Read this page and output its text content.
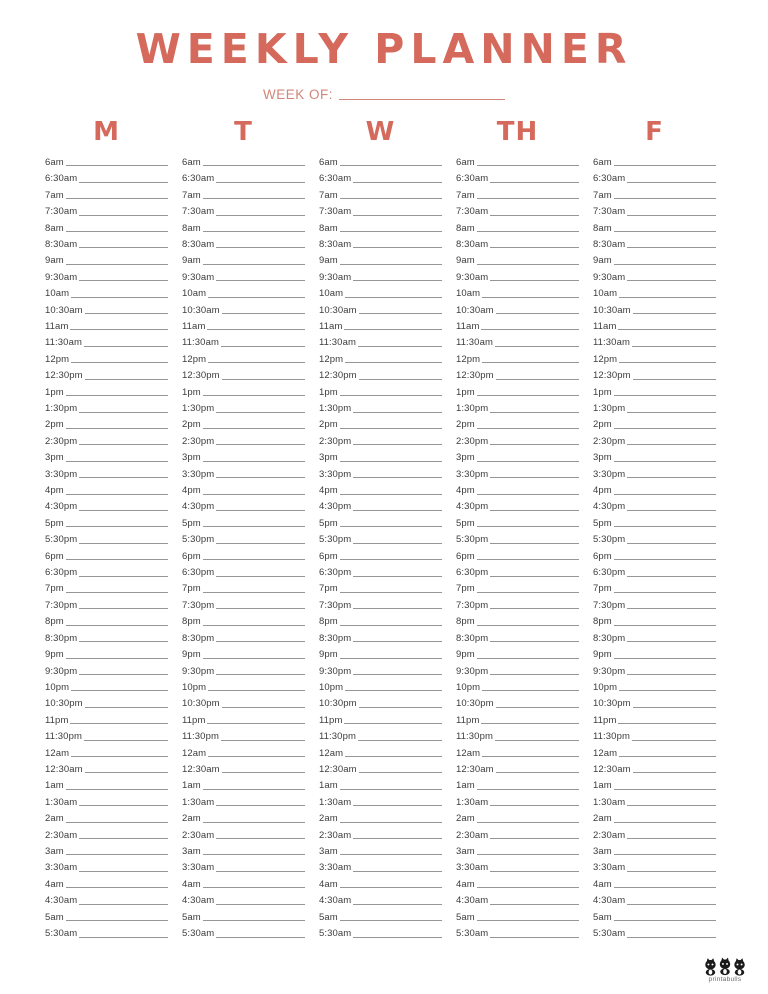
WEEKLY PLANNER
WEEK OF:
M
6am
6:30am
7am
7:30am
8am
8:30am
9am
9:30am
10am
10:30am
11am
11:30am
12pm
12:30pm
1pm
1:30pm
2pm
2:30pm
3pm
3:30pm
4pm
4:30pm
5pm
5:30pm
6pm
6:30pm
7pm
7:30pm
8pm
8:30pm
9pm
9:30pm
10pm
10:30pm
11pm
11:30pm
12am
12:30am
1am
1:30am
2am
2:30am
3am
3:30am
4am
4:30am
5am
5:30am
T
6am
6:30am
7am
7:30am
8am
8:30am
9am
9:30am
10am
10:30am
11am
11:30am
12pm
12:30pm
1pm
1:30pm
2pm
2:30pm
3pm
3:30pm
4pm
4:30pm
5pm
5:30pm
6pm
6:30pm
7pm
7:30pm
8pm
8:30pm
9pm
9:30pm
10pm
10:30pm
11pm
11:30pm
12am
12:30am
1am
1:30am
2am
2:30am
3am
3:30am
4am
4:30am
5am
5:30am
W
6am
6:30am
7am
7:30am
8am
8:30am
9am
9:30am
10am
10:30am
11am
11:30am
12pm
12:30pm
1pm
1:30pm
2pm
2:30pm
3pm
3:30pm
4pm
4:30pm
5pm
5:30pm
6pm
6:30pm
7pm
7:30pm
8pm
8:30pm
9pm
9:30pm
10pm
10:30pm
11pm
11:30pm
12am
12:30am
1am
1:30am
2am
2:30am
3am
3:30am
4am
4:30am
5am
5:30am
TH
6am
6:30am
7am
7:30am
8am
8:30am
9am
9:30am
10am
10:30am
11am
11:30am
12pm
12:30pm
1pm
1:30pm
2pm
2:30pm
3pm
3:30pm
4pm
4:30pm
5pm
5:30pm
6pm
6:30pm
7pm
7:30pm
8pm
8:30pm
9pm
9:30pm
10pm
10:30pm
11pm
11:30pm
12am
12:30am
1am
1:30am
2am
2:30am
3am
3:30am
4am
4:30am
5am
5:30am
F
6am
6:30am
7am
7:30am
8am
8:30am
9am
9:30am
10am
10:30am
11am
11:30am
12pm
12:30pm
1pm
1:30pm
2pm
2:30pm
3pm
3:30pm
4pm
4:30pm
5pm
5:30pm
6pm
6:30pm
7pm
7:30pm
8pm
8:30pm
9pm
9:30pm
10pm
10:30pm
11pm
11:30pm
12am
12:30am
1am
1:30am
2am
2:30am
3am
3:30am
4am
4:30am
5am
5:30am
printabulls
